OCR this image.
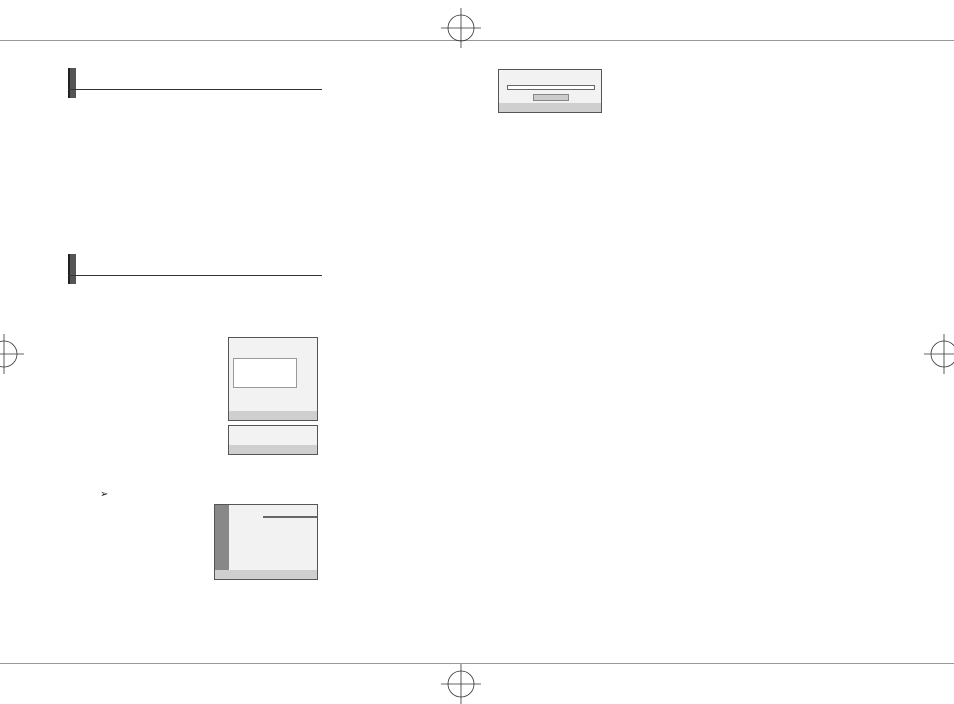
➢
